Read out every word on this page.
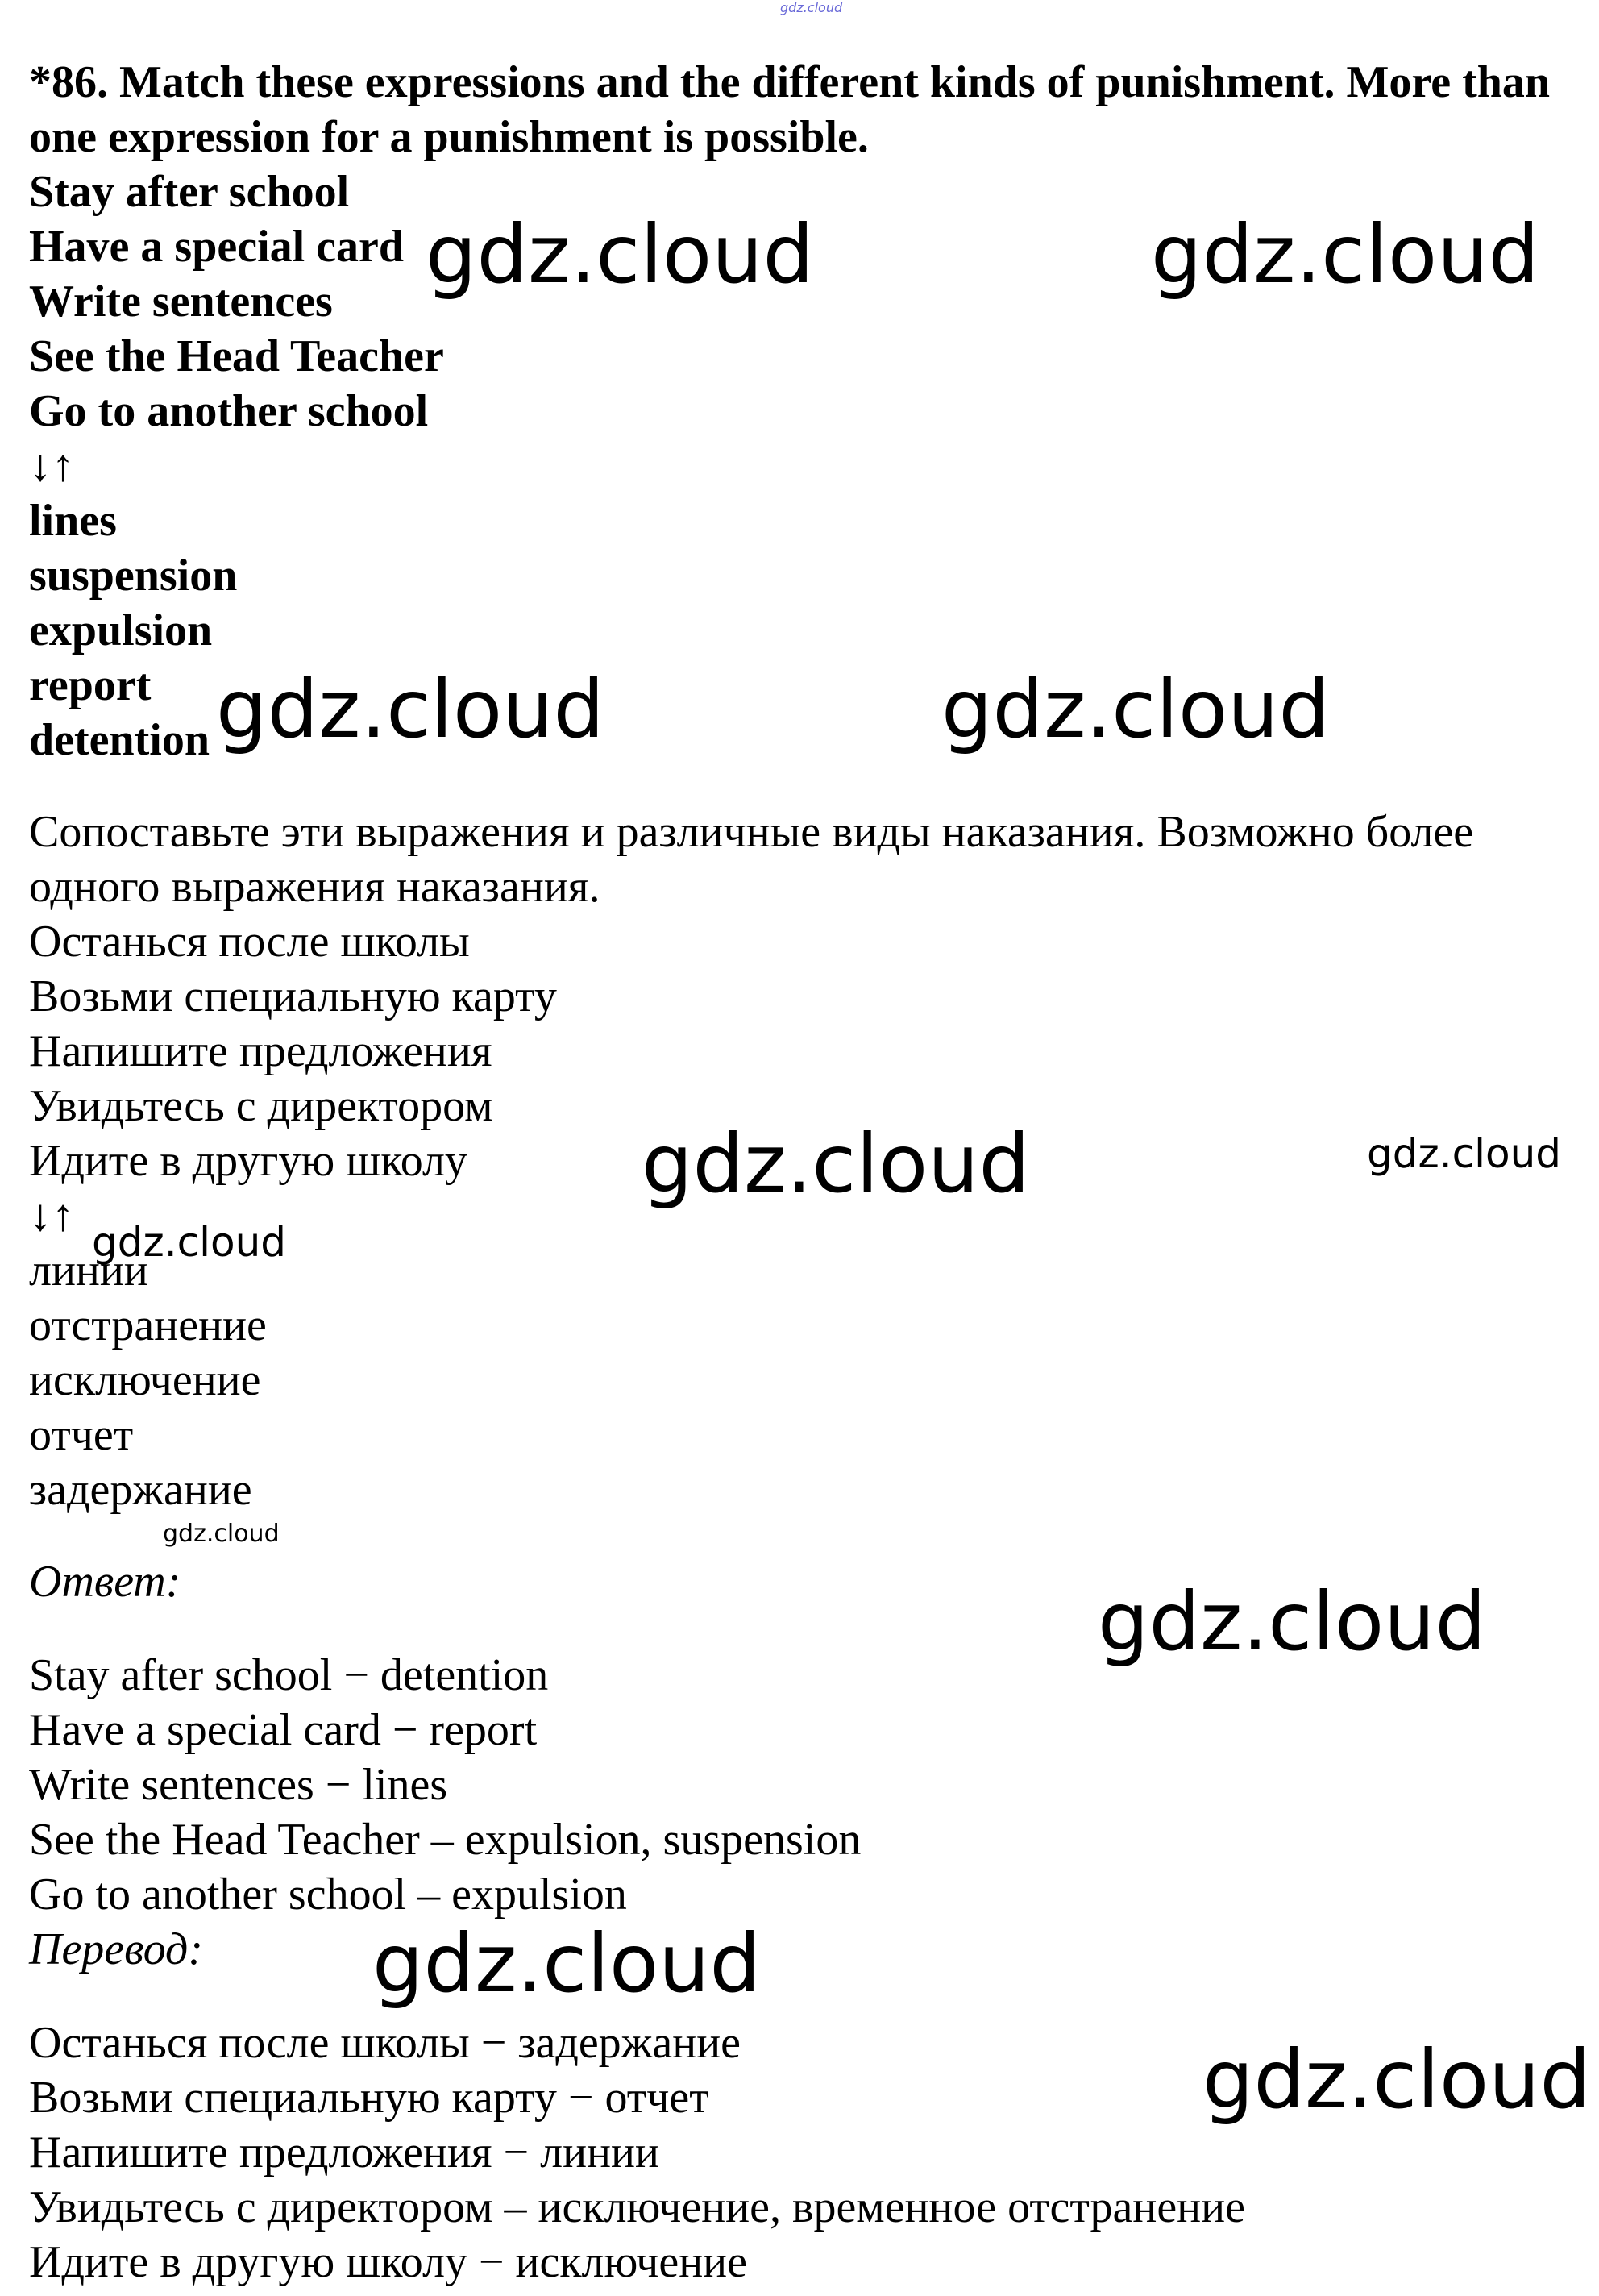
gdz.cloud

*86. Match these expressions and the different kinds of punishment. More than one expression for a punishment is possible.

Stay after school

Have a special card

Write sentences

See the Head Teacher

Go to another school

↓↑

lines

suspension

expulsion

report

detention

Сопоставьте эти выражения и различные виды наказания. Возможно более одного выражения наказания.

Останься после школы

Возьми специальную карту

Напишите предложения

Увидьтесь с директором

Идите в другую школу

↓↑

линии

отстранение

исключение

отчет

задержание

Ответ:

Stay after school − detention

Have a special card − report

Write sentences − lines

See the Head Teacher – expulsion, suspension

Go to another school – expulsion

Перевод:

Останься после школы − задержание

Возьми специальную карту − отчет

Напишите предложения − линии

Увидьтесь с директором – исключение, временное отстранение

Идите в другую школу − исключение

gdz.cloud	gdz.cloud
gdz.cloud	gdz.cloud
gdz.cloud	gdz.cloud
gdz.cloud
gdz.cloud
gdz.cloud
gdz.cloud
gdz.cloud
